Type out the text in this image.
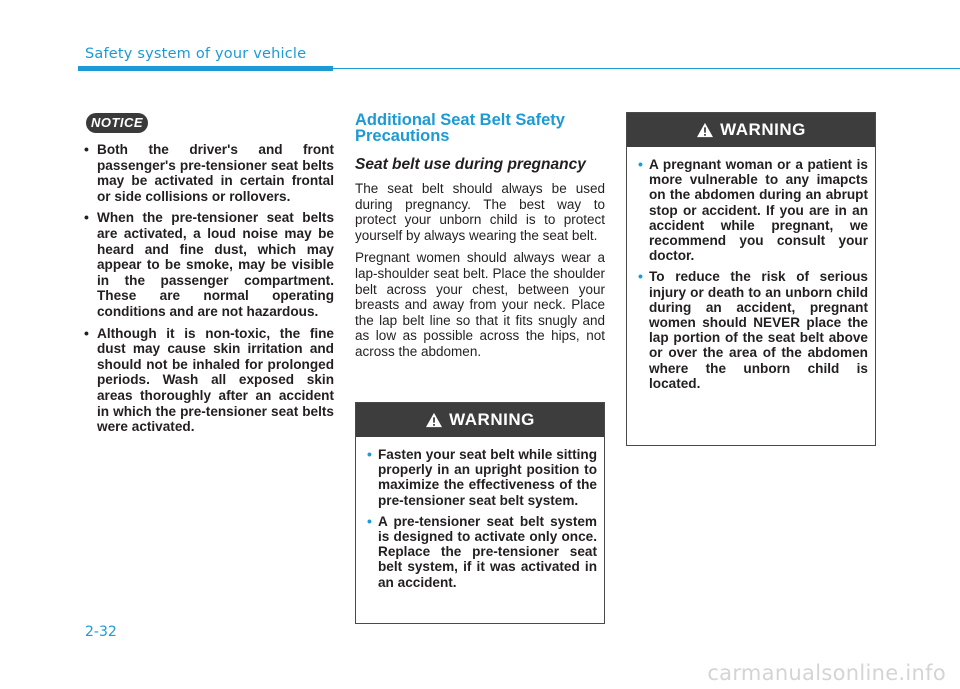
Safety system of your vehicle
NOTICE
• Both the driver's and front passenger's pre-tensioner seat belts may be activated in certain frontal or side collisions or rollovers.
• When the pre-tensioner seat belts are activated, a loud noise may be heard and fine dust, which may appear to be smoke, may be visible in the passenger compartment. These are normal operating conditions and are not hazardous.
• Although it is non-toxic, the fine dust may cause skin irritation and should not be inhaled for prolonged periods. Wash all exposed skin areas thoroughly after an accident in which the pre-tensioner seat belts were activated.
Additional Seat Belt Safety Precautions
Seat belt use during pregnancy

The seat belt should always be used during pregnancy. The best way to protect your unborn child is to protect yourself by always wearing the seat belt.

Pregnant women should always wear a lap-shoulder seat belt. Place the shoulder belt across your chest, between your breasts and away from your neck. Place the lap belt line so that it fits snugly and as low as possible across the hips, not across the abdomen.

WARNING
• Fasten your seat belt while sitting properly in an upright position to maximize the effectiveness of the pre-tensioner seat belt system.
• A pre-tensioner seat belt system is designed to activate only once. Replace the pre-tensioner seat belt system, if it was activated in an accident.
WARNING
• A pregnant woman or a patient is more vulnerable to any imapcts on the abdomen during an abrupt stop or accident. If you are in an accident while pregnant, we recommend you consult your doctor.
• To reduce the risk of serious injury or death to an unborn child during an accident, pregnant women should NEVER place the lap portion of the seat belt above or over the area of the abdomen where the unborn child is located.
2-32
carmanualsonline.info
